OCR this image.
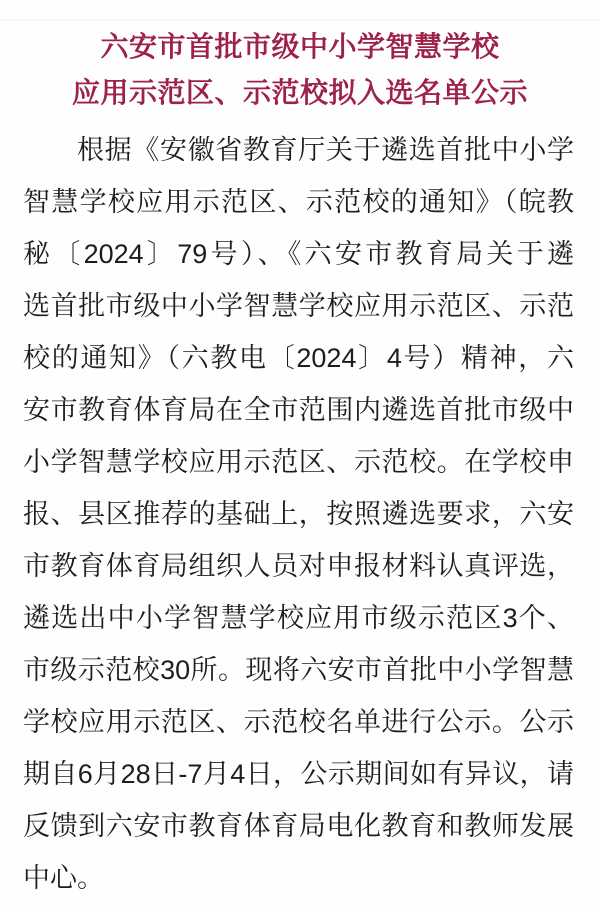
六安市首批市级中小学智慧学校
应用示范区、示范校拟入选名单公示
根据《安徽省教育厅关于遴选首批中小学
智慧学校应用示范区、示范校的通知》（皖教
秘〔2024〕79号）、《六安市教育局关于遴
选首批市级中小学智慧学校应用示范区、示范
校的通知》（六教电〔2024〕4号）精神，六
安市教育体育局在全市范围内遴选首批市级中
小学智慧学校应用示范区、示范校。在学校申
报、县区推荐的基础上，按照遴选要求，六安
市教育体育局组织人员对申报材料认真评选，
遴选出中小学智慧学校应用市级示范区3个、
市级示范校30所。现将六安市首批中小学智慧
学校应用示范区、示范校名单进行公示。公示
期自6月28日-7月4日，公示期间如有异议，请
反馈到六安市教育体育局电化教育和教师发展
中心。
